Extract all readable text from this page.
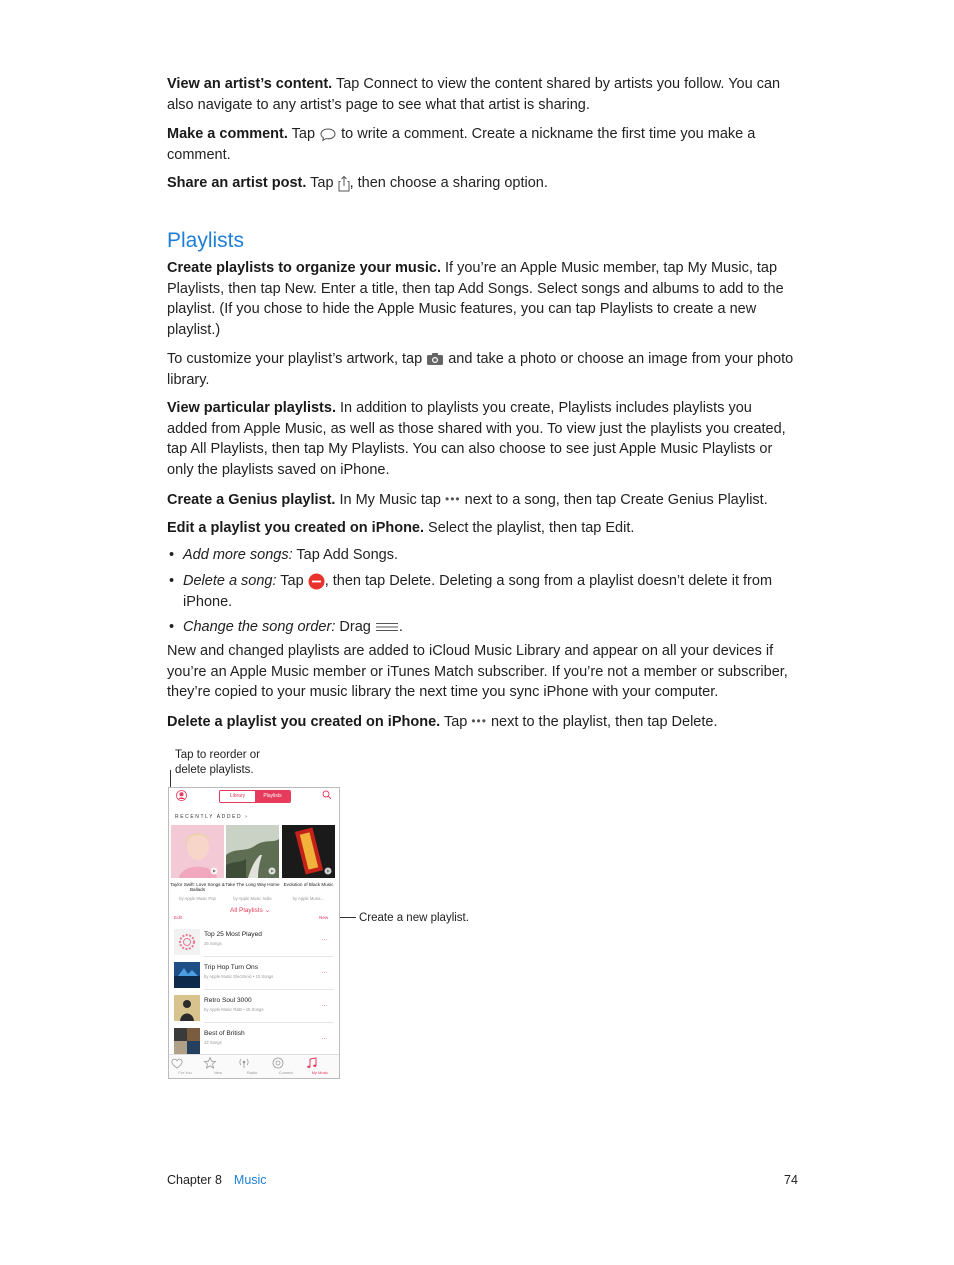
View an artist’s content. Tap Connect to view the content shared by artists you follow. You can also navigate to any artist’s page to see what that artist is sharing.
Make a comment. Tap  to write a comment. Create a nickname the first time you make a comment.
Share an artist post. Tap , then choose a sharing option.
Playlists
Create playlists to organize your music. If you’re an Apple Music member, tap My Music, tap Playlists, then tap New. Enter a title, then tap Add Songs. Select songs and albums to add to the playlist. (If you chose to hide the Apple Music features, you can tap Playlists to create a new playlist.)
To customize your playlist’s artwork, tap  and take a photo or choose an image from your photo library.
View particular playlists. In addition to playlists you create, Playlists includes playlists you added from Apple Music, as well as those shared with you. To view just the playlists you created, tap All Playlists, then tap My Playlists. You can also choose to see just Apple Music Playlists or only the playlists saved on iPhone.
Create a Genius playlist. In My Music tap ••• next to a song, then tap Create Genius Playlist.
Edit a playlist you created on iPhone. Select the playlist, then tap Edit.
• Add more songs: Tap Add Songs.
• Delete a song: Tap , then tap Delete. Deleting a song from a playlist doesn’t delete it from iPhone.
• Change the song order: Drag .
New and changed playlists are added to iCloud Music Library and appear on all your devices if you’re an Apple Music member or iTunes Match subscriber. If you’re not a member or subscriber, they’re copied to your music library the next time you sync iPhone with your computer.
Delete a playlist you created on iPhone. Tap ••• next to the playlist, then tap Delete.
Tap to reorder or delete playlists.
Create a new playlist.
Library	Playlists
RECENTLY ADDED ›
Taylor Swift: Love Songs & Ballads
by Apple Music Pop
Take The Long Way Home
by Apple Music Indie
Evolution of Black Music
by Apple Music...
All Playlists ⌄
Edit	New
Top 25 Most Played
25 Songs
...
Trip Hop Turn Ons
by Apple Music Electronic • 10 Songs
...
Retro Soul 3000
by Apple Music R&B • 15 Songs
...
Best of British
42 Songs
...
For You	New	Radio	Connect	My Music
Chapter 8 Music	74
